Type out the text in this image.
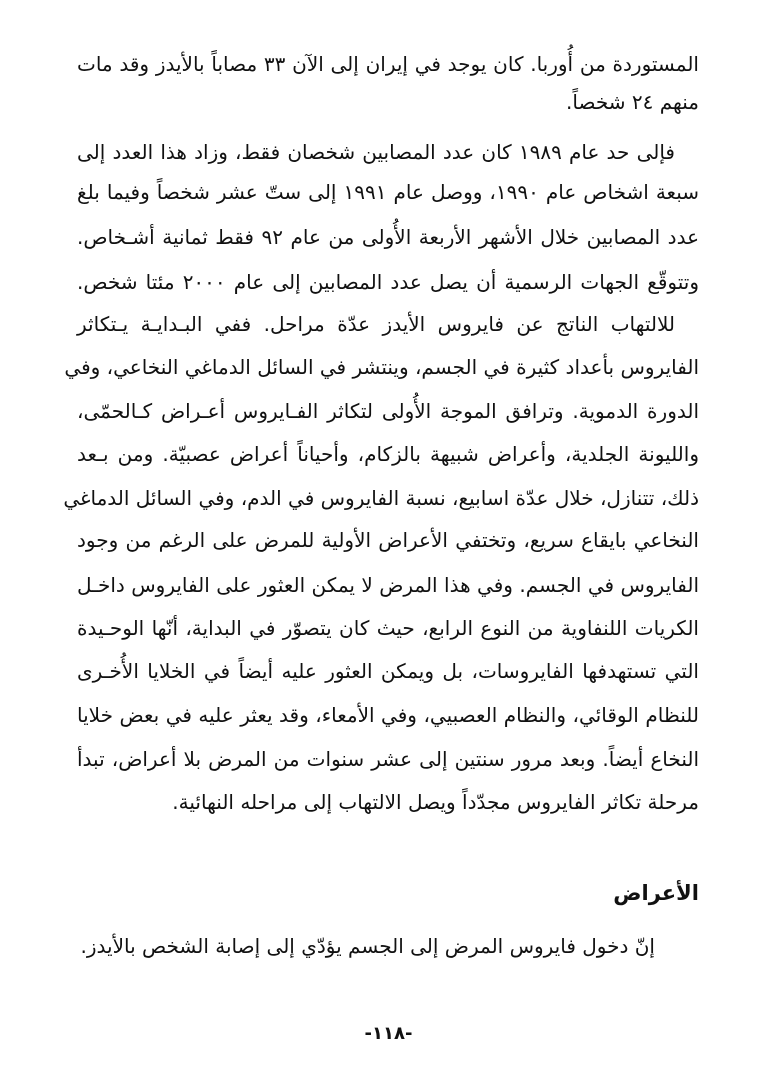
المستوردة من أُوربا. كان يوجد في إيران إلى الآن ٣٣ مصاباً بالأيدز وقد مات
منهم ٢٤ شخصاً.
فإلى حد عام ١٩٨٩ كان عدد المصابين شخصان فقط، وزاد هذا العدد إلى
سبعة اشخاص عام ١٩٩٠، ووصل عام ١٩٩١ إلى ستّ عشر شخصاً وفيما بلغ
عدد المصابين خلال الأشهر الأربعة الأُولى من عام ٩٢ فقط ثمانية أشـخاص.
وتتوقّع الجهات الرسمية أن يصل عدد المصابين إلى عام ٢٠٠٠ مئتا شخص.
للالتهاب الناتج عن فايروس الأيدز عدّة مراحل. ففي البـدايـة يـتكاثر
الفايروس بأعداد كثيرة في الجسم، وينتشر في السائل الدماغي النخاعي، وفي
الدورة الدموية. وترافق الموجة الأُولى لتكاثر الفـايروس أعـراض كـالحمّى،
والليونة الجلدية، وأعراض شبيهة بالزكام، وأحياناً أعراض عصبيّة. ومن بـعد
ذلك، تتنازل، خلال عدّة اسابيع، نسبة الفايروس في الدم، وفي السائل الدماغي
النخاعي بايقاع سريع، وتختفي الأعراض الأولية للمرض على الرغم من وجود
الفايروس في الجسم. وفي هذا المرض لا يمكن العثور على الفايروس داخـل
الكريات اللنفاوية من النوع الرابع، حيث كان يتصوّر في البداية، أنّها الوحـيدة
التي تستهدفها الفايروسات، بل ويمكن العثور عليه أيضاً في الخلايا الأُخـرى
للنظام الوقائي، والنظام العصبيي، وفي الأمعاء، وقد يعثر عليه في بعض خلايا
النخاع أيضاً. وبعد مرور سنتين إلى عشر سنوات من المرض بلا أعراض، تبدأ
مرحلة تكاثر الفايروس مجدّداً ويصل الالتهاب إلى مراحله النهائية.
الأعراض
إنّ دخول فايروس المرض إلى الجسم يؤدّي إلى إصابة الشخص بالأيدز.
-١١٨-
